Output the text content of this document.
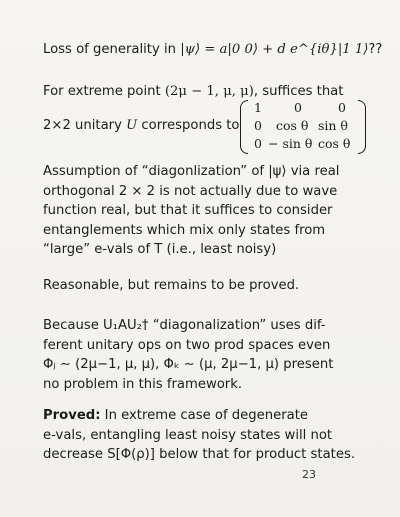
Loss of generality in |ψ⟩ = a|0 0⟩ + d e^{iθ}|1 1⟩??
For extreme point (2μ − 1, μ, μ), suffices that
2×2 unitary U corresponds to
1	0	0
0 cos θ sin θ
0 − sin θ cos θ
Assumption of “diagonlization” of |ψ⟩ via real
orthogonal 2 × 2 is not actually due to wave
function real, but that it suffices to consider
entanglements which mix only states from
“large” e-vals of T (i.e., least noisy)
Reasonable, but remains to be proved.
Because U₁AU₂† “diagonalization” uses dif-
ferent unitary ops on two prod spaces even
Φⱼ ∼ (2μ−1, μ, μ), Φₖ ∼ (μ, 2μ−1, μ) present
no problem in this framework.
Proved: In extreme case of degenerate
e-vals, entangling least noisy states will not
decrease S[Φ(ρ)] below that for product states.
23
